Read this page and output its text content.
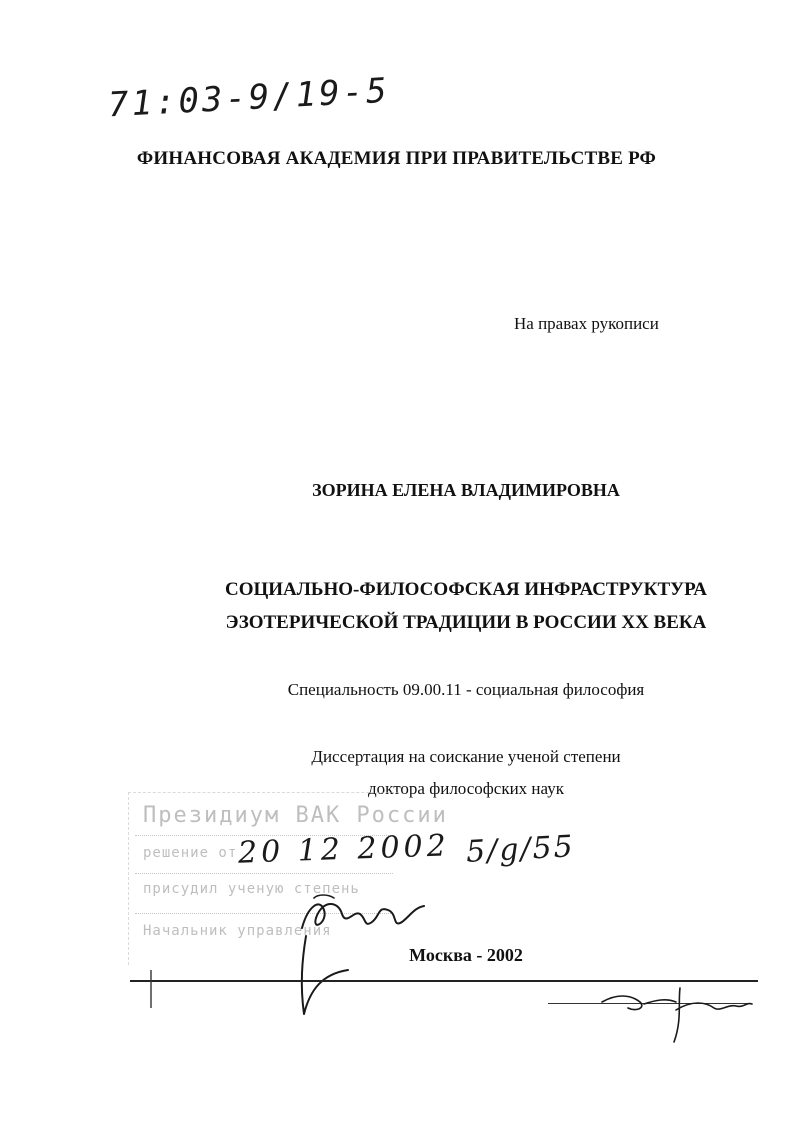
71:03-9/19-5
ФИНАНСОВАЯ АКАДЕМИЯ ПРИ ПРАВИТЕЛЬСТВЕ РФ
На правах рукописи
ЗОРИНА ЕЛЕНА ВЛАДИМИРОВНА
СОЦИАЛЬНО-ФИЛОСОФСКАЯ ИНФРАСТРУКТУРА
ЭЗОТЕРИЧЕСКОЙ ТРАДИЦИИ В РОССИИ XX ВЕКА
Специальность 09.00.11 - социальная философия
Диссертация на соискание ученой степени
доктора философских наук
Президиум ВАК России
решение от
присудил ученую степень
Начальник управления
20 12 2002 5/g/55
Москва - 2002
